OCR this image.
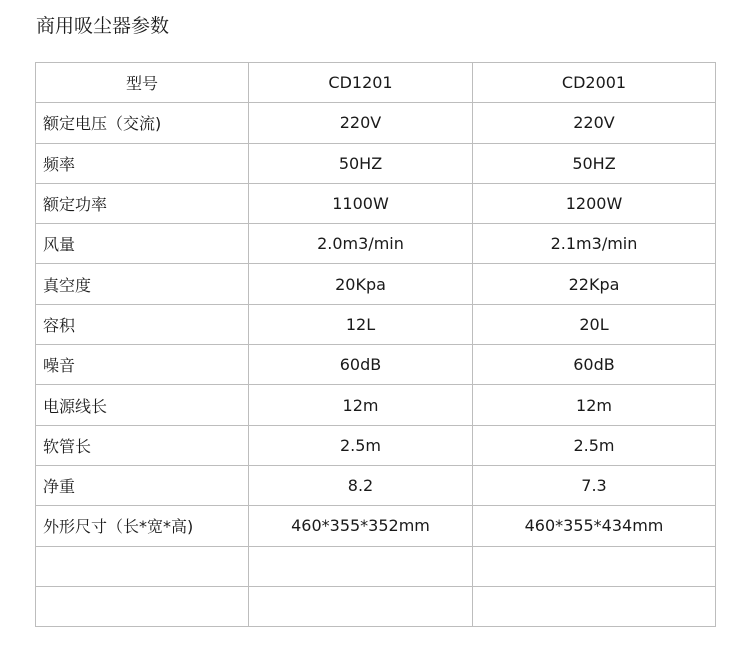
商用吸尘器参数
型号	CD1201	CD2001
额定电压（交流)	220V	220V
频率	50HZ	50HZ
额定功率	1100W	1200W
风量	2.0m3/min	2.1m3/min
真空度	20Kpa	22Kpa
容积	12L	20L
噪音	60dB	60dB
电源线长	12m	12m
软管长	2.5m	2.5m
净重	8.2	7.3
外形尺寸（长*宽*高)	460*355*352mm	460*355*434mm
